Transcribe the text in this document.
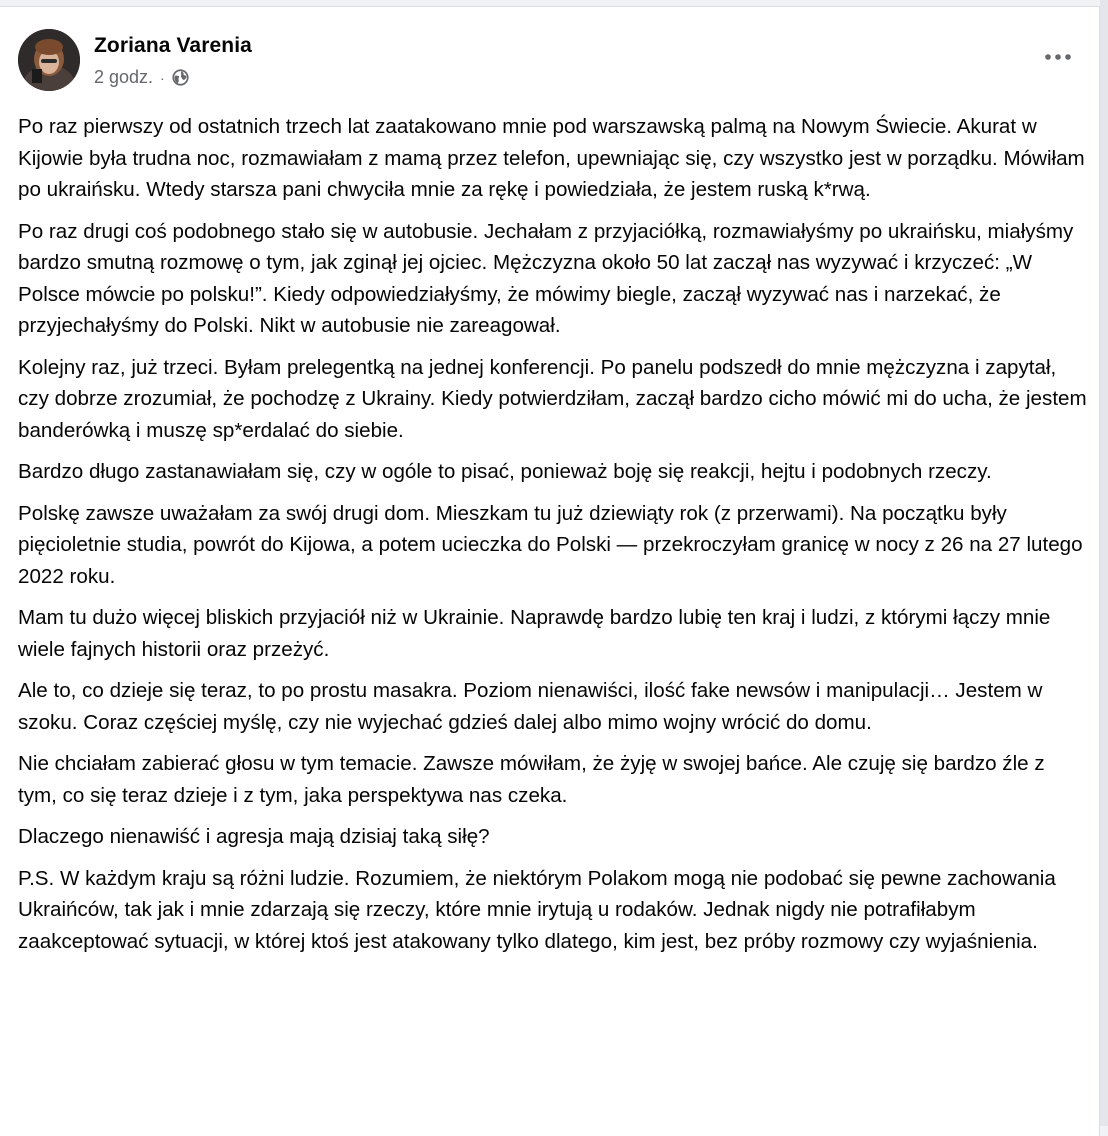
Zoriana Varenia
2 godz. ·

Po raz pierwszy od ostatnich trzech lat zaatakowano mnie pod warszawską palmą na Nowym Świecie. Akurat w Kijowie była trudna noc, rozmawiałam z mamą przez telefon, upewniając się, czy wszystko jest w porządku. Mówiłam po ukraińsku. Wtedy starsza pani chwyciła mnie za rękę i powiedziała, że jestem ruską k*rwą.

Po raz drugi coś podobnego stało się w autobusie. Jechałam z przyjaciółką, rozmawiałyśmy po ukraińsku, miałyśmy bardzo smutną rozmowę o tym, jak zginął jej ojciec. Mężczyzna około 50 lat zaczął nas wyzywać i krzyczeć: „W Polsce mówcie po polsku!”. Kiedy odpowiedziałyśmy, że mówimy biegle, zaczął wyzywać nas i narzekać, że przyjechałyśmy do Polski. Nikt w autobusie nie zareagował.

Kolejny raz, już trzeci. Byłam prelegentką na jednej konferencji. Po panelu podszedł do mnie mężczyzna i zapytał, czy dobrze zrozumiał, że pochodzę z Ukrainy. Kiedy potwierdziłam, zaczął bardzo cicho mówić mi do ucha, że jestem banderówką i muszę sp*erdalać do siebie.

Bardzo długo zastanawiałam się, czy w ogóle to pisać, ponieważ boję się reakcji, hejtu i podobnych rzeczy.

Polskę zawsze uważałam za swój drugi dom. Mieszkam tu już dziewiąty rok (z przerwami). Na początku były pięcioletnie studia, powrót do Kijowa, a potem ucieczka do Polski — przekroczyłam granicę w nocy z 26 na 27 lutego 2022 roku.

Mam tu dużo więcej bliskich przyjaciół niż w Ukrainie. Naprawdę bardzo lubię ten kraj i ludzi, z którymi łączy mnie wiele fajnych historii oraz przeżyć.

Ale to, co dzieje się teraz, to po prostu masakra. Poziom nienawiści, ilość fake newsów i manipulacji… Jestem w szoku. Coraz częściej myślę, czy nie wyjechać gdzieś dalej albo mimo wojny wrócić do domu.

Nie chciałam zabierać głosu w tym temacie. Zawsze mówiłam, że żyję w swojej bańce. Ale czuję się bardzo źle z tym, co się teraz dzieje i z tym, jaka perspektywa nas czeka.

Dlaczego nienawiść i agresja mają dzisiaj taką siłę?

P.S. W każdym kraju są różni ludzie. Rozumiem, że niektórym Polakom mogą nie podobać się pewne zachowania Ukraińców, tak jak i mnie zdarzają się rzeczy, które mnie irytują u rodaków. Jednak nigdy nie potrafiłabym zaakceptować sytuacji, w której ktoś jest atakowany tylko dlatego, kim jest, bez próby rozmowy czy wyjaśnienia.
